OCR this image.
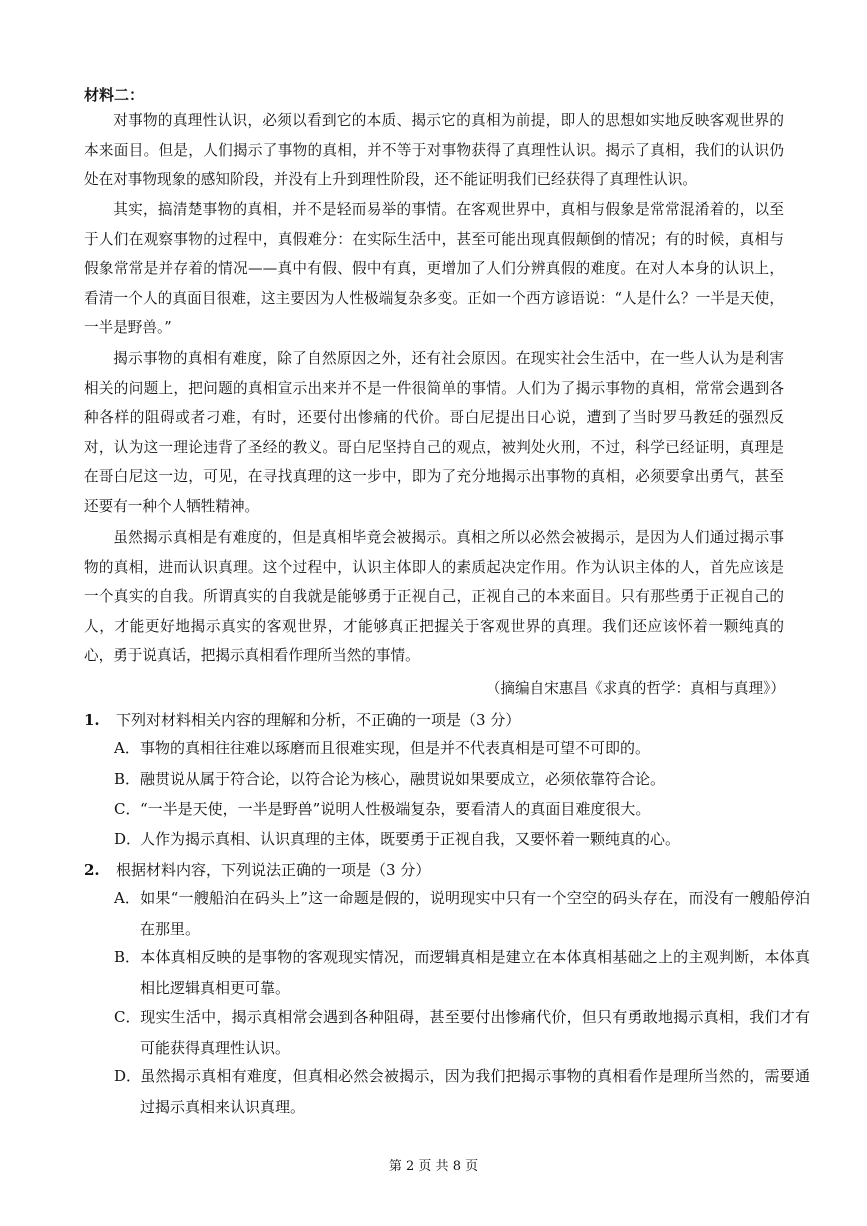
材料二：

对事物的真理性认识，必须以看到它的本质、揭示它的真相为前提，即人的思想如实地反映客观世界的本来面目。但是，人们揭示了事物的真相，并不等于对事物获得了真理性认识。揭示了真相，我们的认识仍处在对事物现象的感知阶段，并没有上升到理性阶段，还不能证明我们已经获得了真理性认识。

其实，搞清楚事物的真相，并不是轻而易举的事情。在客观世界中，真相与假象是常常混淆着的，以至于人们在观察事物的过程中，真假难分：在实际生活中，甚至可能出现真假颠倒的情况；有的时候，真相与假象常常是并存着的情况——真中有假、假中有真，更增加了人们分辨真假的难度。在对人本身的认识上，看清一个人的真面目很难，这主要因为人性极端复杂多变。正如一个西方谚语说：“人是什么？一半是天使，一半是野兽。”

揭示事物的真相有难度，除了自然原因之外，还有社会原因。在现实社会生活中，在一些人认为是利害相关的问题上，把问题的真相宣示出来并不是一件很简单的事情。人们为了揭示事物的真相，常常会遇到各种各样的阻碍或者刁难，有时，还要付出惨痛的代价。哥白尼提出日心说，遭到了当时罗马教廷的强烈反对，认为这一理论违背了圣经的教义。哥白尼坚持自己的观点，被判处火刑，不过，科学已经证明，真理是在哥白尼这一边，可见，在寻找真理的这一步中，即为了充分地揭示出事物的真相，必须要拿出勇气，甚至还要有一种个人牺牲精神。

虽然揭示真相是有难度的，但是真相毕竟会被揭示。真相之所以必然会被揭示，是因为人们通过揭示事物的真相，进而认识真理。这个过程中，认识主体即人的素质起决定作用。作为认识主体的人，首先应该是一个真实的自我。所谓真实的自我就是能够勇于正视自己，正视自己的本来面目。只有那些勇于正视自己的人，才能更好地揭示真实的客观世界，才能够真正把握关于客观世界的真理。我们还应该怀着一颗纯真的心，勇于说真话，把揭示真相看作理所当然的事情。

（摘编自宋惠昌《求真的哲学：真相与真理》）
1. 下列对材料相关内容的理解和分析，不正确的一项是（3 分）
A．事物的真相往往难以琢磨而且很难实现，但是并不代表真相是可望不可即的。
B．融贯说从属于符合论，以符合论为核心，融贯说如果要成立，必须依靠符合论。
C．“一半是天使，一半是野兽”说明人性极端复杂，要看清人的真面目难度很大。
D．人作为揭示真相、认识真理的主体，既要勇于正视自我，又要怀着一颗纯真的心。
2. 根据材料内容，下列说法正确的一项是（3 分）
A．如果“一艘船泊在码头上”这一命题是假的，说明现实中只有一个空空的码头存在，而没有一艘船停泊在那里。
B．本体真相反映的是事物的客观现实情况，而逻辑真相是建立在本体真相基础之上的主观判断，本体真相比逻辑真相更可靠。
C．现实生活中，揭示真相常会遇到各种阻碍，甚至要付出惨痛代价，但只有勇敢地揭示真相，我们才有可能获得真理性认识。
D．虽然揭示真相有难度，但真相必然会被揭示，因为我们把揭示事物的真相看作是理所当然的，需要通过揭示真相来认识真理。
第 2 页 共 8 页
